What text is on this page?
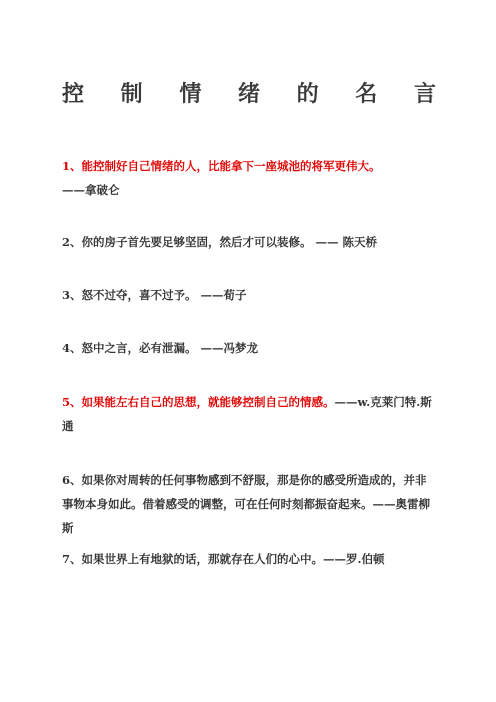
控 制 情 绪 的 名 言

1、能控制好自己情绪的人，比能拿下一座城池的将军更伟大。——拿破仑

2、你的房子首先要足够坚固，然后才可以装修。 —— 陈天桥

3、怒不过夺，喜不过予。 ——荀子

4、怒中之言，必有泄漏。 ——冯梦龙

5、如果能左右自己的思想，就能够控制自己的情感。——w.克莱门特.斯通

6、如果你对周转的任何事物感到不舒服，那是你的感受所造成的，并非事物本身如此。借着感受的调整，可在任何时刻都振奋起来。——奥雷柳斯

7、如果世界上有地狱的话，那就存在人们的心中。——罗.伯顿
